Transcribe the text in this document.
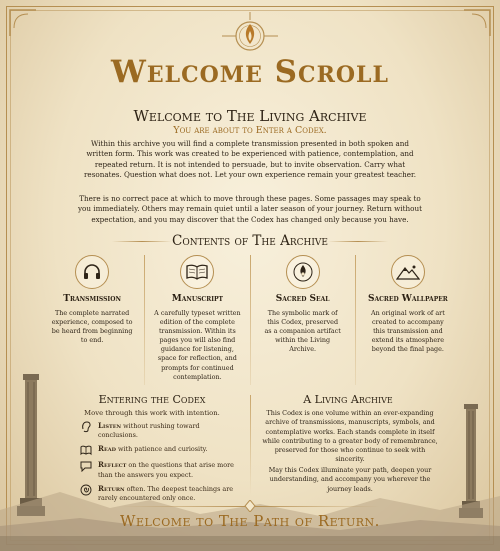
Welcome Scroll
Welcome to The Living Archive
You are about to Enter a Codex.
Within this archive you will find a complete transmission presented in both spoken and written form. This work was created to be experienced with patience, contemplation, and repeated return. It is not intended to persuade, but to invite observation. Carry what resonates. Question what does not. Let your own experience remain your greatest teacher.
There is no correct pace at which to move through these pages. Some passages may speak to you immediately. Others may remain quiet until a later season of your journey. Return without expectation, and you may discover that the Codex has changed only because you have.
Contents of The Archive
Transmission
The complete narrated experience, composed to be heard from beginning to end.
Manuscript
A carefully typeset written edition of the complete transmission. Within its pages you will also find guidance for listening, space for reflection, and prompts for continued contemplation.
Sacred Seal
The symbolic mark of this Codex, preserved as a companion artifact within the Living Archive.
Sacred Wallpaper
An original work of art created to accompany this transmission and extend its atmosphere beyond the final page.
Entering the Codex
Move through this work with intention.
Listen without rushing toward conclusions.
Read with patience and curiosity.
Reflect on the questions that arise more than the answers you expect.
Return often. The deepest teachings are rarely encountered only once.
A Living Archive
This Codex is one volume within an ever-expanding archive of transmissions, manuscripts, symbols, and contemplative works. Each stands complete in itself while contributing to a greater body of remembrance, preserved for those who continue to seek with sincerity.
May this Codex illuminate your path, deepen your understanding, and accompany you wherever the journey leads.
Welcome to The Path of Return.
